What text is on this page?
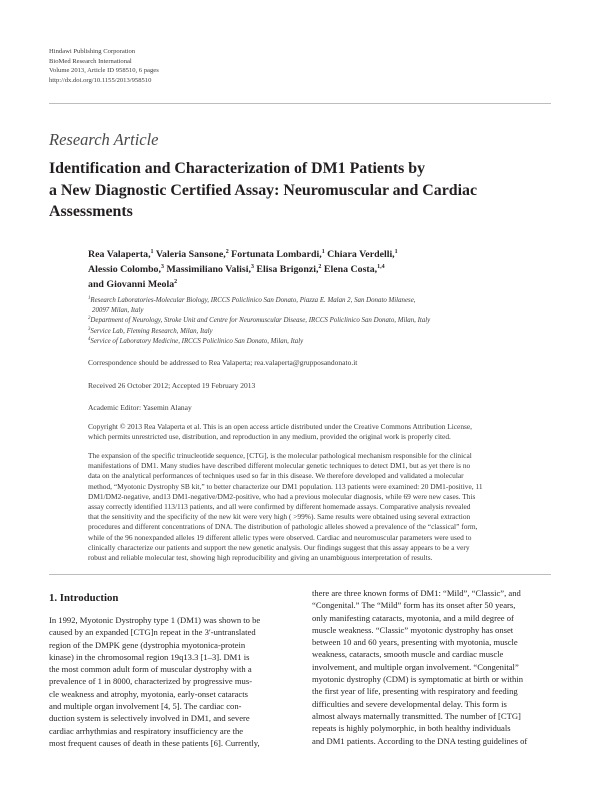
Hindawi Publishing Corporation
BioMed Research International
Volume 2013, Article ID 958510, 6 pages
http://dx.doi.org/10.1155/2013/958510
Research Article
Identification and Characterization of DM1 Patients by
a New Diagnostic Certified Assay: Neuromuscular and Cardiac
Assessments
Rea Valaperta,$^1$ Valeria Sansone,$^2$ Fortunata Lombardi,$^1$ Chiara Verdelli,$^1$
Alessio Colombo,$^3$ Massimiliano Valisi,$^3$ Elisa Brigonzi,$^2$ Elena Costa,$^{1,4}$
and Giovanni Meola$^2$
$^1$Research Laboratories-Molecular Biology, IRCCS Policlinico San Donato, Piazza E. Malan 2, San Donato Milanese,
20097 Milan, Italy
$^2$Department of Neurology, Stroke Unit and Centre for Neuromuscular Disease, IRCCS Policlinico San Donato, Milan, Italy
$^3$Service Lab, Fleming Research, Milan, Italy
$^4$Service of Laboratory Medicine, IRCCS Policlinico San Donato, Milan, Italy
Correspondence should be addressed to Rea Valaperta; rea.valaperta@grupposandonato.it
Received 26 October 2012; Accepted 19 February 2013
Academic Editor: Yasemin Alanay
Copyright © 2013 Rea Valaperta et al. This is an open access article distributed under the Creative Commons Attribution License,
which permits unrestricted use, distribution, and reproduction in any medium, provided the original work is properly cited.
The expansion of the specific trinucleotide sequence, [CTG], is the molecular pathological mechanism responsible for the clinical
manifestations of DM1. Many studies have described different molecular genetic techniques to detect DM1, but as yet there is no
data on the analytical performances of techniques used so far in this disease. We therefore developed and validated a molecular
method, “Myotonic Dystrophy SB kit,” to better characterize our DM1 population. 113 patients were examined: 20 DM1-positive, 11
DM1/DM2-negative, and13 DM1-negative/DM2-positive, who had a previous molecular diagnosis, while 69 were new cases. This
assay correctly identified 113/113 patients, and all were confirmed by different homemade assays. Comparative analysis revealed
that the sensitivity and the specificity of the new kit were very high ( >99%). Same results were obtained using several extraction
procedures and different concentrations of DNA. The distribution of pathologic alleles showed a prevalence of the “classical” form,
while of the 96 nonexpanded alleles 19 different allelic types were observed. Cardiac and neuromuscular parameters were used to
clinically characterize our patients and support the new genetic analysis. Our findings suggest that this assay appears to be a very
robust and reliable molecular test, showing high reproducibility and giving an unambiguous interpretation of results.
1. Introduction
In 1992, Myotonic Dystrophy type 1 (DM1) was shown to be
caused by an expanded [CTG]n repeat in the 3′-untranslated
region of the DMPK gene (dystrophia myotonica-protein
kinase) in the chromosomal region 19q13.3 [1–3]. DM1 is
the most common adult form of muscular dystrophy with a
prevalence of 1 in 8000, characterized by progressive mus-
cle weakness and atrophy, myotonia, early-onset cataracts
and multiple organ involvement [4, 5]. The cardiac con-
duction system is selectively involved in DM1, and severe
cardiac arrhythmias and respiratory insufficiency are the
most frequent causes of death in these patients [6]. Currently,
there are three known forms of DM1: “Mild”, “Classic”, and
“Congenital.” The “Mild” form has its onset after 50 years,
only manifesting cataracts, myotonia, and a mild degree of
muscle weakness. “Classic” myotonic dystrophy has onset
between 10 and 60 years, presenting with myotonia, muscle
weakness, cataracts, smooth muscle and cardiac muscle
involvement, and multiple organ involvement. “Congenital”
myotonic dystrophy (CDM) is symptomatic at birth or within
the first year of life, presenting with respiratory and feeding
difficulties and severe developmental delay. This form is
almost always maternally transmitted. The number of [CTG]
repeats is highly polymorphic, in both healthy individuals
and DM1 patients. According to the DNA testing guidelines of
